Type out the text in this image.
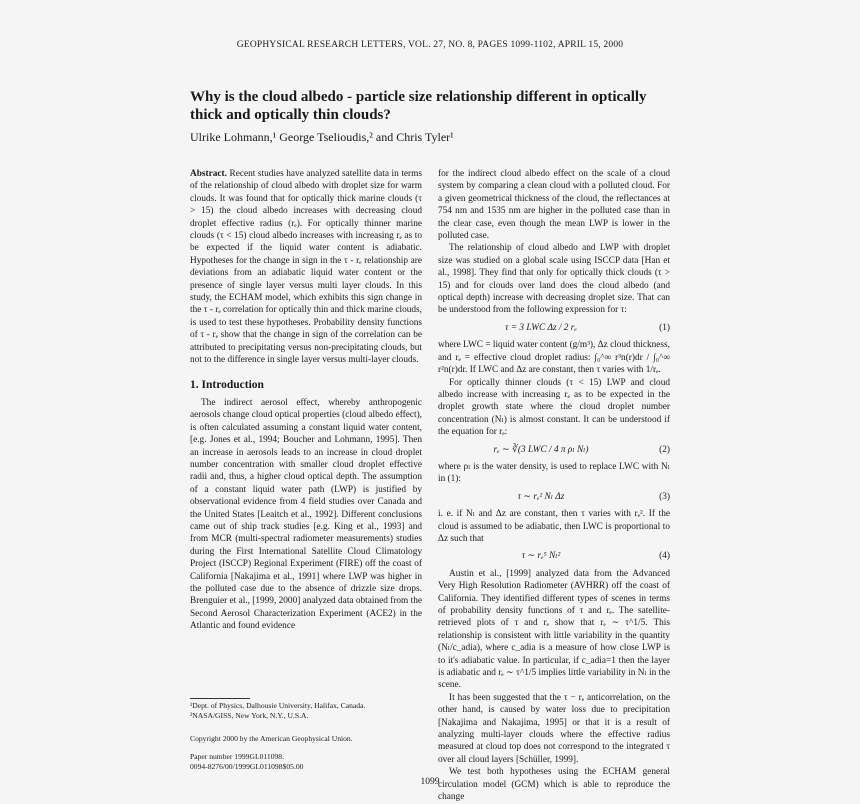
GEOPHYSICAL RESEARCH LETTERS, VOL. 27, NO. 8, PAGES 1099-1102, APRIL 15, 2000
Why is the cloud albedo - particle size relationship different in optically thick and optically thin clouds?
Ulrike Lohmann,¹ George Tselioudis,² and Chris Tyler¹

Abstract. Recent studies have analyzed satellite data in terms of the relationship of cloud albedo with droplet size for warm clouds. It was found that for optically thick marine clouds (τ > 15) the cloud albedo increases with decreasing cloud droplet effective radius (rₑ). For optically thinner marine clouds (τ < 15) cloud albedo increases with increasing rₑ as to be expected if the liquid water content is adiabatic. Hypotheses for the change in sign in the τ - rₑ relationship are deviations from an adiabatic liquid water content or the presence of single layer versus multi layer clouds. In this study, the ECHAM model, which exhibits this sign change in the τ - rₑ correlation for optically thin and thick marine clouds, is used to test these hypotheses. Probability density functions of τ - rₑ show that the change in sign of the correlation can be attributed to precipitating versus non-precipitating clouds, but not to the difference in single layer versus multi-layer clouds.

1. Introduction

The indirect aerosol effect, whereby anthropogenic aerosols change cloud optical properties (cloud albedo effect), is often calculated assuming a constant liquid water content, [e.g. Jones et al., 1994; Boucher and Lohmann, 1995]. Then an increase in aerosols leads to an increase in cloud droplet number concentration with smaller cloud droplet effective radii and, thus, a higher cloud optical depth. The assumption of a constant liquid water path (LWP) is justified by observational evidence from 4 field studies over Canada and the United States [Leaitch et al., 1992]. Different conclusions came out of ship track studies [e.g. King et al., 1993] and from MCR (multi-spectral radiometer measurements) studies during the First International Satellite Cloud Climatology Project (ISCCP) Regional Experiment (FIRE) off the coast of California [Nakajima et al., 1991] where LWP was higher in the polluted case due to the absence of drizzle size drops. Brenguier et al., [1999, 2000] analyzed data obtained from the Second Aerosol Characterization Experiment (ACE2) in the Atlantic and found evidence

¹Dept. of Physics, Dalhousie University, Halifax, Canada.
²NASA/GISS, New York, N.Y., U.S.A.
Copyright 2000 by the American Geophysical Union.
Paper number 1999GL011098.
0094-8276/00/1999GL011098$05.00

for the indirect cloud albedo effect on the scale of a cloud system by comparing a clean cloud with a polluted cloud. For a given geometrical thickness of the cloud, the reflectances at 754 nm and 1535 nm are higher in the polluted case than in the clear case, even though the mean LWP is lower in the polluted case.

The relationship of cloud albedo and LWP with droplet size was studied on a global scale using ISCCP data [Han et al., 1998]. They find that only for optically thick clouds (τ > 15) and for clouds over land does the cloud albedo (and optical depth) increase with decreasing droplet size. That can be understood from the following expression for τ:

τ = 3 LWC Δz / 2 rₑ	(1)

where LWC = liquid water content (g/m³), Δz cloud thickness, and rₑ = effective cloud droplet radius: ∫₀^∞ r³n(r)dr / ∫₀^∞ r²n(r)dr. If LWC and Δz are constant, then τ varies with 1/rₑ.

For optically thinner clouds (τ < 15) LWP and cloud albedo increase with increasing rₑ as to be expected in the droplet growth state where the cloud droplet number concentration (Nₗ) is almost constant. It can be understood if the equation for rₑ:

rₑ ∼ ∛(3 LWC / 4 π ρₗ Nₗ)	(2)

where ρₗ is the water density, is used to replace LWC with Nₗ in (1):

τ ∼ rₑ² Nₗ Δz	(3)

i. e. if Nₗ and Δz are constant, then τ varies with rₑ². If the cloud is assumed to be adiabatic, then LWC is proportional to Δz such that

τ ∼ rₑ⁵ Nₗ²	(4)

Austin et al., [1999] analyzed data from the Advanced Very High Resolution Radiometer (AVHRR) off the coast of California. They identified different types of scenes in terms of probability density functions of τ and rₑ. The satellite-retrieved plots of τ and rₑ show that rₑ ∼ τ^1/5. This relationship is consistent with little variability in the quantity (Nₗ/c_adia), where c_adia is a measure of how close LWP is to it's adiabatic value. In particular, if c_adia=1 then the layer is adiabatic and rₑ ∼ τ^1/5 implies little variability in Nₗ in the scene.

It has been suggested that the τ − rₑ anticorrelation, on the other hand, is caused by water loss due to precipitation [Nakajima and Nakajima, 1995] or that it is a result of analyzing multi-layer clouds where the effective radius measured at cloud top does not correspond to the integrated τ over all cloud layers [Schüller, 1999].

We test both hypotheses using the ECHAM general circulation model (GCM) which is able to reproduce the change

1099
